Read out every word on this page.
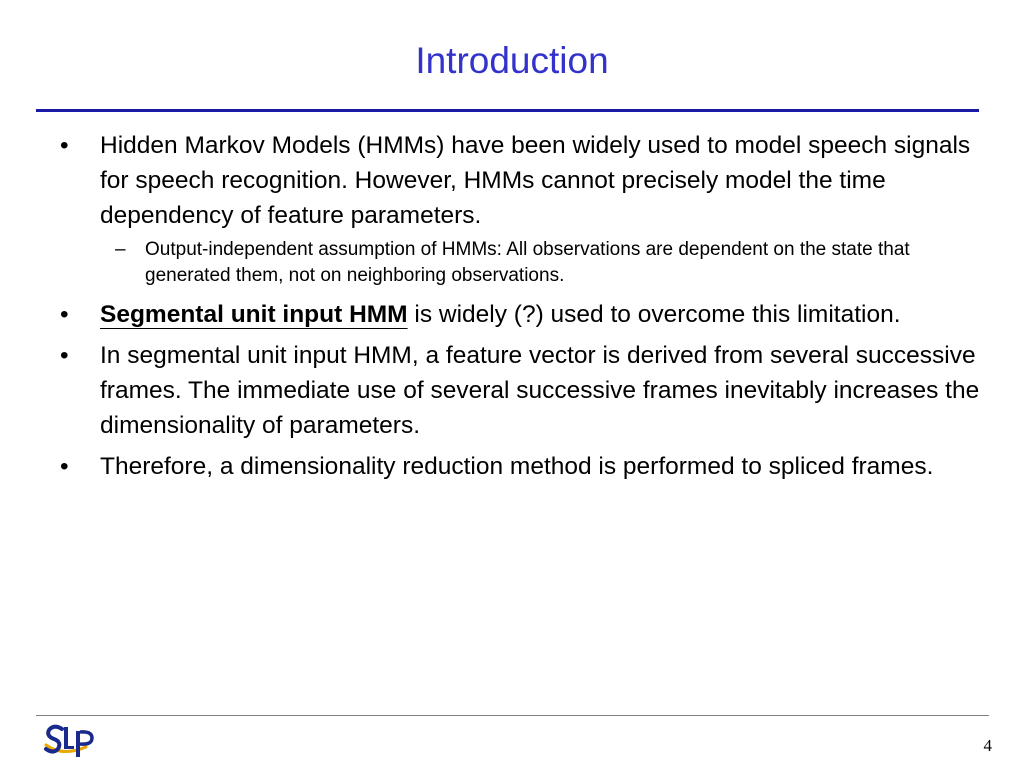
Introduction
• Hidden Markov Models (HMMs) have been widely used to model speech signals for speech recognition. However, HMMs cannot precisely model the time dependency of feature parameters.
– Output-independent assumption of HMMs: All observations are dependent on the state that generated them, not on neighboring observations.
• Segmental unit input HMM is widely (?) used to overcome this limitation.
• In segmental unit input HMM, a feature vector is derived from several successive frames. The immediate use of several successive frames inevitably increases the dimensionality of parameters.
• Therefore, a dimensionality reduction method is performed to spliced frames.
4
